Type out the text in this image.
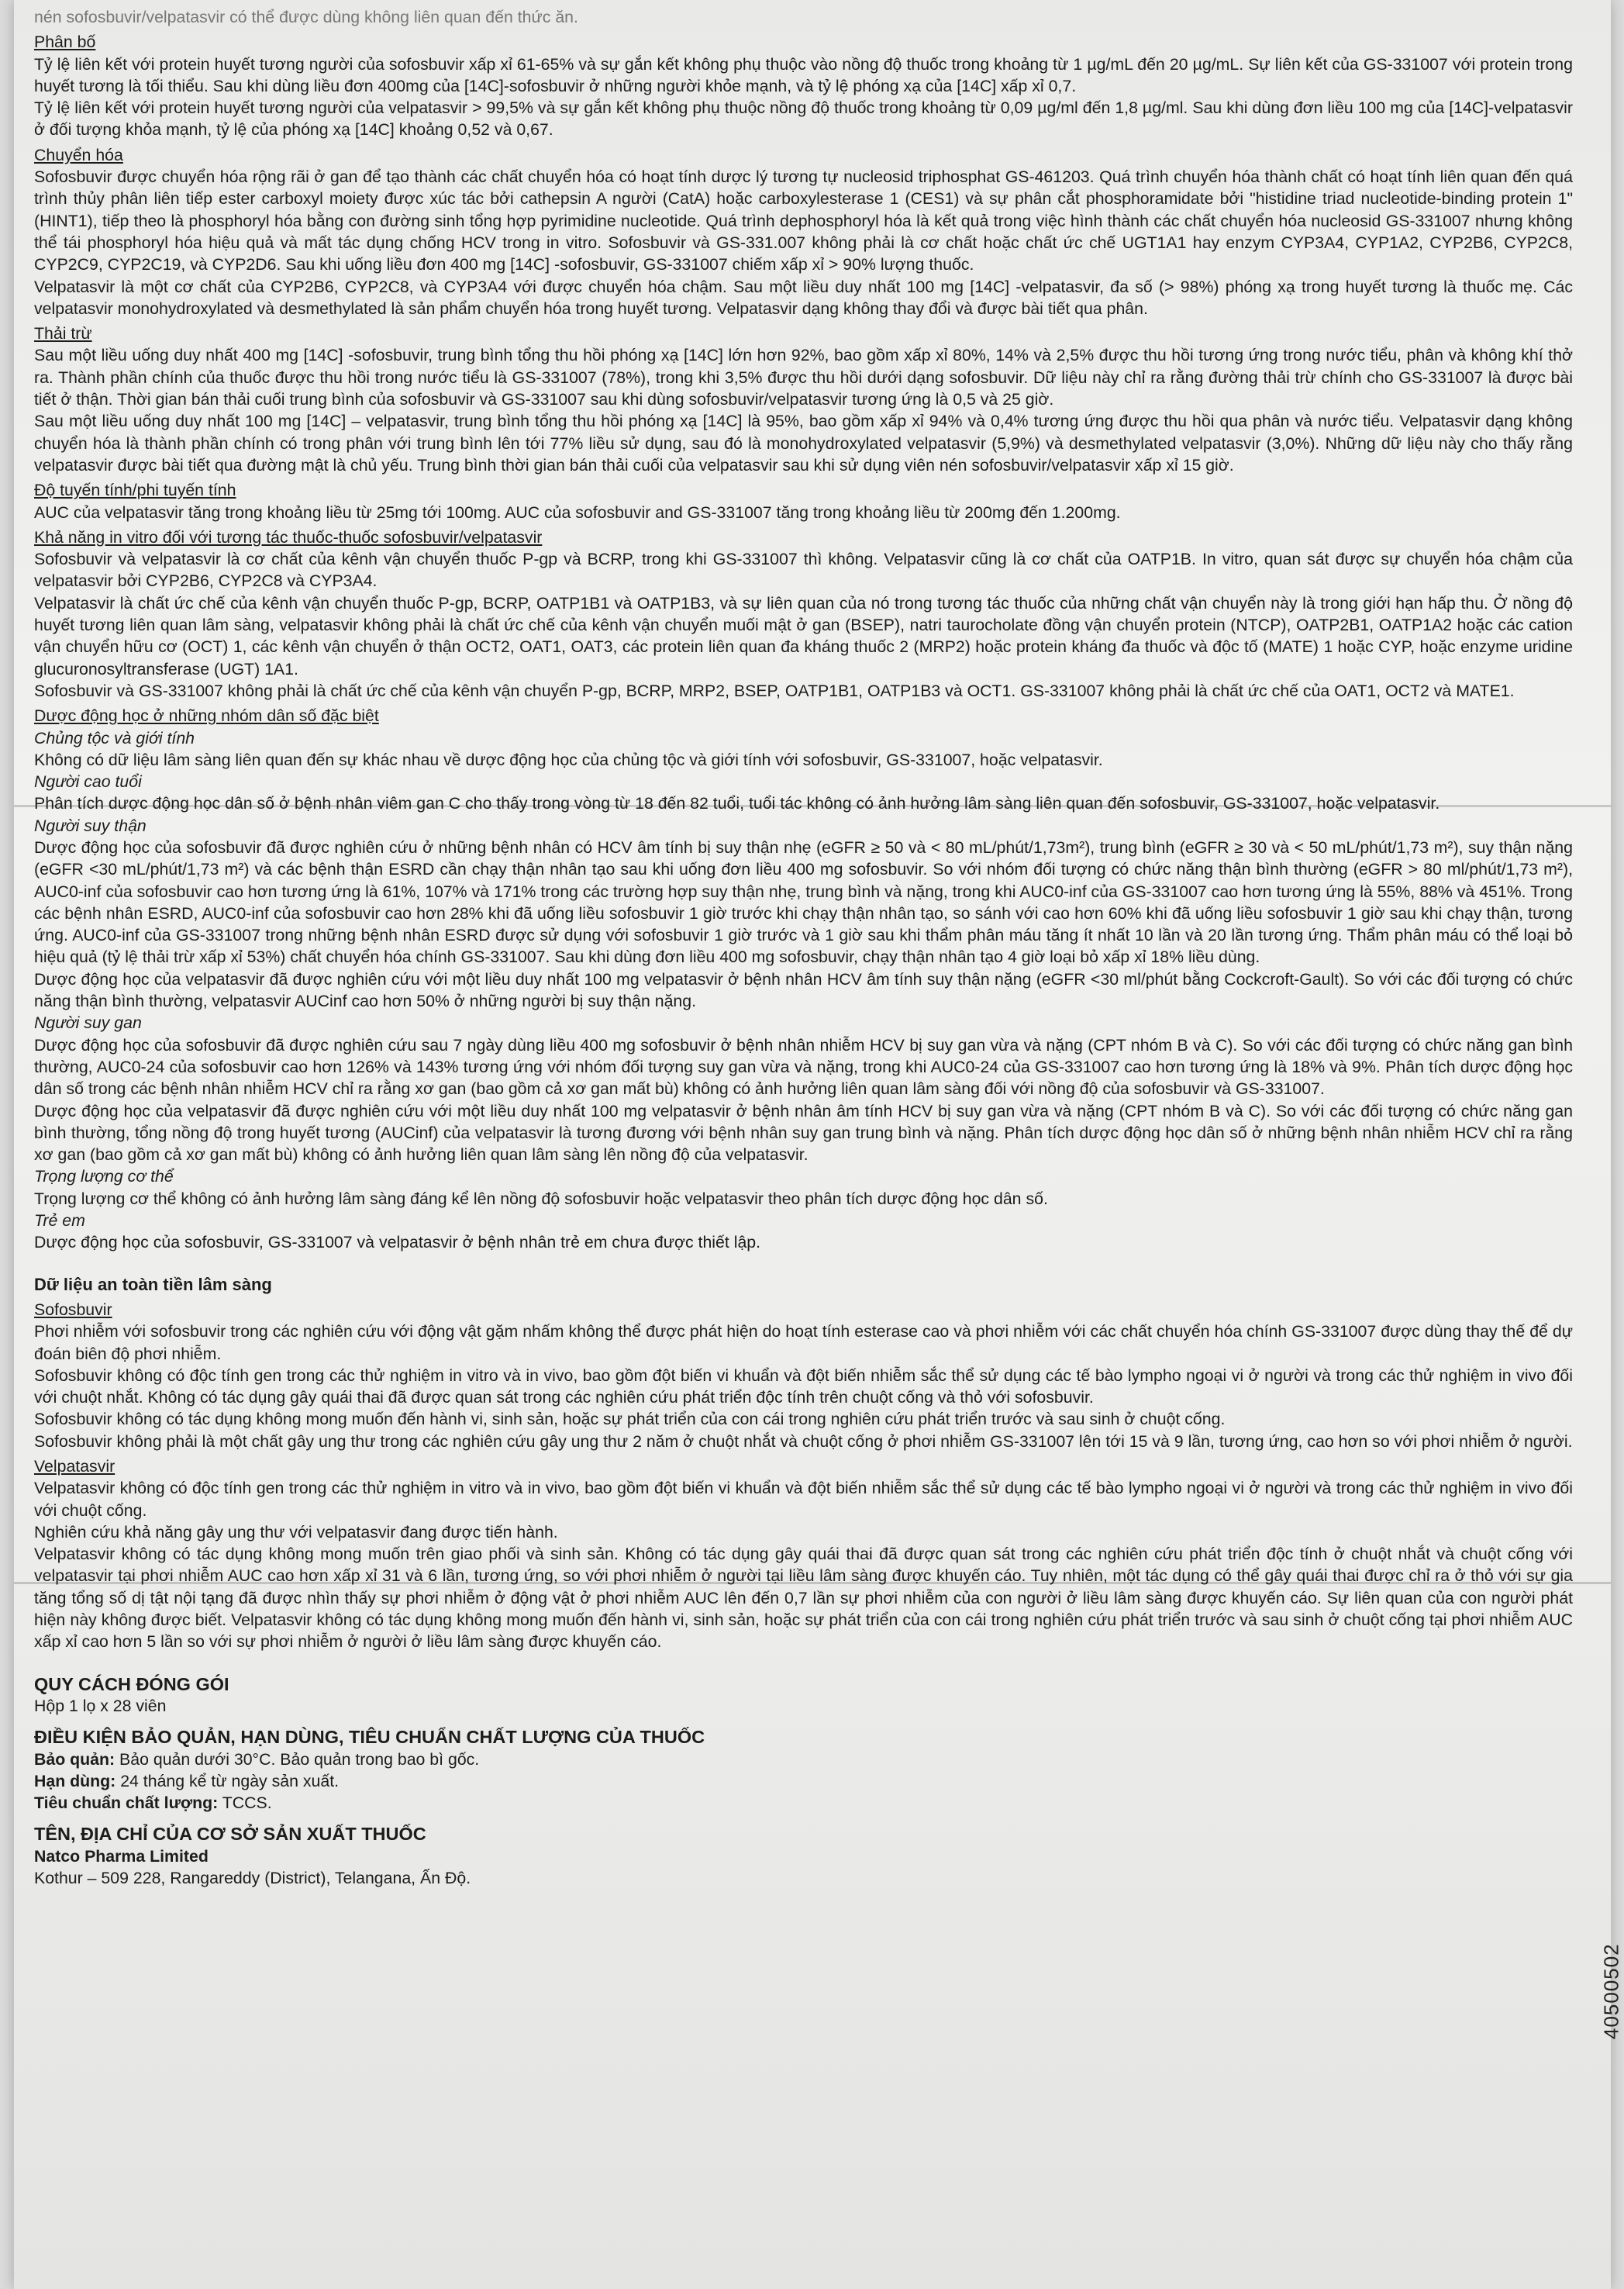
nén sofosbuvir/velpatasvir có thể được dùng không liên quan đến thức ăn.

Phân bố

Tỷ lệ liên kết với protein huyết tương người của sofosbuvir xấp xỉ 61-65% và sự gắn kết không phụ thuộc vào nồng độ thuốc trong khoảng từ 1 µg/mL đến 20 µg/mL. Sự liên kết của GS-331007 với protein trong huyết tương là tối thiểu. Sau khi dùng liều đơn 400mg của [14C]-sofosbuvir ở những người khỏe mạnh, và tỷ lệ phóng xạ của [14C] xấp xỉ 0,7.

Tỷ lệ liên kết với protein huyết tương người của velpatasvir > 99,5% và sự gắn kết không phụ thuộc nồng độ thuốc trong khoảng từ 0,09 µg/ml đến 1,8 µg/ml. Sau khi dùng đơn liều 100 mg của [14C]-velpatasvir ở đối tượng khỏa mạnh, tỷ lệ của phóng xạ [14C] khoảng 0,52 và 0,67.

Chuyển hóa

Sofosbuvir được chuyển hóa rộng rãi ở gan để tạo thành các chất chuyển hóa có hoạt tính dược lý tương tự nucleosid triphosphat GS-461203. Quá trình chuyển hóa thành chất có hoạt tính liên quan đến quá trình thủy phân liên tiếp ester carboxyl moiety được xúc tác bởi cathepsin A người (CatA) hoặc carboxylesterase 1 (CES1) và sự phân cắt phosphoramidate bởi "histidine triad nucleotide-binding protein 1" (HINT1), tiếp theo là phosphoryl hóa bằng con đường sinh tổng hợp pyrimidine nucleotide. Quá trình dephosphoryl hóa là kết quả trong việc hình thành các chất chuyển hóa nucleosid GS-331007 nhưng không thể tái phosphoryl hóa hiệu quả và mất tác dụng chống HCV trong in vitro. Sofosbuvir và GS-331.007 không phải là cơ chất hoặc chất ức chế UGT1A1 hay enzym CYP3A4, CYP1A2, CYP2B6, CYP2C8, CYP2C9, CYP2C19, và CYP2D6. Sau khi uống liều đơn 400 mg [14C] -sofosbuvir, GS-331007 chiếm xấp xỉ > 90% lượng thuốc.

Velpatasvir là một cơ chất của CYP2B6, CYP2C8, và CYP3A4 với được chuyển hóa chậm. Sau một liều duy nhất 100 mg [14C] -velpatasvir, đa số (> 98%) phóng xạ trong huyết tương là thuốc mẹ. Các velpatasvir monohydroxylated và desmethylated là sản phẩm chuyển hóa trong huyết tương. Velpatasvir dạng không thay đổi và được bài tiết qua phân.

Thải trừ

Sau một liều uống duy nhất 400 mg [14C] -sofosbuvir, trung bình tổng thu hồi phóng xạ [14C] lớn hơn 92%, bao gồm xấp xỉ 80%, 14% và 2,5% được thu hồi tương ứng trong nước tiểu, phân và không khí thở ra. Thành phần chính của thuốc được thu hồi trong nước tiểu là GS-331007 (78%), trong khi 3,5% được thu hồi dưới dạng sofosbuvir. Dữ liệu này chỉ ra rằng đường thải trừ chính cho GS-331007 là được bài tiết ở thận. Thời gian bán thải cuối trung bình của sofosbuvir và GS-331007 sau khi dùng sofosbuvir/velpatasvir tương ứng là 0,5 và 25 giờ.

Sau một liều uống duy nhất 100 mg [14C] – velpatasvir, trung bình tổng thu hồi phóng xạ [14C] là 95%, bao gồm xấp xỉ 94% và 0,4% tương ứng được thu hồi qua phân và nước tiểu. Velpatasvir dạng không chuyển hóa là thành phần chính có trong phân với trung bình lên tới 77% liều sử dụng, sau đó là monohydroxylated velpatasvir (5,9%) và desmethylated velpatasvir (3,0%). Những dữ liệu này cho thấy rằng velpatasvir được bài tiết qua đường mật là chủ yếu. Trung bình thời gian bán thải cuối của velpatasvir sau khi sử dụng viên nén sofosbuvir/velpatasvir xấp xỉ 15 giờ.

Độ tuyến tính/phi tuyến tính

AUC của velpatasvir tăng trong khoảng liều từ 25mg tới 100mg. AUC của sofosbuvir and GS-331007 tăng trong khoảng liều từ 200mg đến 1.200mg.

Khả năng in vitro đối với tương tác thuốc-thuốc sofosbuvir/velpatasvir

Sofosbuvir và velpatasvir là cơ chất của kênh vận chuyển thuốc P-gp và BCRP, trong khi GS-331007 thì không. Velpatasvir cũng là cơ chất của OATP1B. In vitro, quan sát được sự chuyển hóa chậm của velpatasvir bởi CYP2B6, CYP2C8 và CYP3A4.

Velpatasvir là chất ức chế của kênh vận chuyển thuốc P-gp, BCRP, OATP1B1 và OATP1B3, và sự liên quan của nó trong tương tác thuốc của những chất vận chuyển này là trong giới hạn hấp thu. Ở nồng độ huyết tương liên quan lâm sàng, velpatasvir không phải là chất ức chế của kênh vận chuyển muối mật ở gan (BSEP), natri taurocholate đồng vận chuyển protein (NTCP), OATP2B1, OATP1A2 hoặc các cation vận chuyển hữu cơ (OCT) 1, các kênh vận chuyển ở thận OCT2, OAT1, OAT3, các protein liên quan đa kháng thuốc 2 (MRP2) hoặc protein kháng đa thuốc và độc tố (MATE) 1 hoặc CYP, hoặc enzyme uridine glucuronosyltransferase (UGT) 1A1.

Sofosbuvir và GS-331007 không phải là chất ức chế của kênh vận chuyển P-gp, BCRP, MRP2, BSEP, OATP1B1, OATP1B3 và OCT1. GS-331007 không phải là chất ức chế của OAT1, OCT2 và MATE1.

Dược động học ở những nhóm dân số đặc biệt
Chủng tộc và giới tính

Không có dữ liệu lâm sàng liên quan đến sự khác nhau về dược động học của chủng tộc và giới tính với sofosbuvir, GS-331007, hoặc velpatasvir.

Người cao tuổi

Phân tích dược động học dân số ở bệnh nhân viêm gan C cho thấy trong vòng từ 18 đến 82 tuổi, tuổi tác không có ảnh hưởng lâm sàng liên quan đến sofosbuvir, GS-331007, hoặc velpatasvir.

Người suy thận

Dược động học của sofosbuvir đã được nghiên cứu ở những bệnh nhân có HCV âm tính bị suy thận nhẹ (eGFR ≥ 50 và < 80 mL/phút/1,73m²), trung bình (eGFR ≥ 30 và < 50 mL/phút/1,73 m²), suy thận nặng (eGFR <30 mL/phút/1,73 m²) và các bệnh thận ESRD cần chạy thận nhân tạo sau khi uống đơn liều 400 mg sofosbuvir. So với nhóm đối tượng có chức năng thận bình thường (eGFR > 80 ml/phút/1,73 m²), AUC0-inf của sofosbuvir cao hơn tương ứng là 61%, 107% và 171% trong các trường hợp suy thận nhẹ, trung bình và nặng, trong khi AUC0-inf của GS-331007 cao hơn tương ứng là 55%, 88% và 451%. Trong các bệnh nhân ESRD, AUC0-inf của sofosbuvir cao hơn 28% khi đã uống liều sofosbuvir 1 giờ trước khi chạy thận nhân tạo, so sánh với cao hơn 60% khi đã uống liều sofosbuvir 1 giờ sau khi chạy thận, tương ứng. AUC0-inf của GS-331007 trong những bệnh nhân ESRD được sử dụng với sofosbuvir 1 giờ trước và 1 giờ sau khi thẩm phân máu tăng ít nhất 10 lần và 20 lần tương ứng. Thẩm phân máu có thể loại bỏ hiệu quả (tỷ lệ thải trừ xấp xỉ 53%) chất chuyển hóa chính GS-331007. Sau khi dùng đơn liều 400 mg sofosbuvir, chạy thận nhân tạo 4 giờ loại bỏ xấp xỉ 18% liều dùng.

Dược động học của velpatasvir đã được nghiên cứu với một liều duy nhất 100 mg velpatasvir ở bệnh nhân HCV âm tính suy thận nặng (eGFR <30 ml/phút bằng Cockcroft-Gault). So với các đối tượng có chức năng thận bình thường, velpatasvir AUCinf cao hơn 50% ở những người bị suy thận nặng.

Người suy gan

Dược động học của sofosbuvir đã được nghiên cứu sau 7 ngày dùng liều 400 mg sofosbuvir ở bệnh nhân nhiễm HCV bị suy gan vừa và nặng (CPT nhóm B và C). So với các đối tượng có chức năng gan bình thường, AUC0-24 của sofosbuvir cao hơn 126% và 143% tương ứng với nhóm đối tượng suy gan vừa và nặng, trong khi AUC0-24 của GS-331007 cao hơn tương ứng là 18% và 9%. Phân tích dược động học dân số trong các bệnh nhân nhiễm HCV chỉ ra rằng xơ gan (bao gồm cả xơ gan mất bù) không có ảnh hưởng liên quan lâm sàng đối với nồng độ của sofosbuvir và GS-331007.

Dược động học của velpatasvir đã được nghiên cứu với một liều duy nhất 100 mg velpatasvir ở bệnh nhân âm tính HCV bị suy gan vừa và nặng (CPT nhóm B và C). So với các đối tượng có chức năng gan bình thường, tổng nồng độ trong huyết tương (AUCinf) của velpatasvir là tương đương với bệnh nhân suy gan trung bình và nặng. Phân tích dược động học dân số ở những bệnh nhân nhiễm HCV chỉ ra rằng xơ gan (bao gồm cả xơ gan mất bù) không có ảnh hưởng liên quan lâm sàng lên nồng độ của velpatasvir.

Trọng lượng cơ thể

Trọng lượng cơ thể không có ảnh hưởng lâm sàng đáng kể lên nồng độ sofosbuvir hoặc velpatasvir theo phân tích dược động học dân số.

Trẻ em

Dược động học của sofosbuvir, GS-331007 và velpatasvir ở bệnh nhân trẻ em chưa được thiết lập.

Dữ liệu an toàn tiền lâm sàng
Sofosbuvir

Phơi nhiễm với sofosbuvir trong các nghiên cứu với động vật gặm nhấm không thể được phát hiện do hoạt tính esterase cao và phơi nhiễm với các chất chuyển hóa chính GS-331007 được dùng thay thế để dự đoán biên độ phơi nhiễm.

Sofosbuvir không có độc tính gen trong các thử nghiệm in vitro và in vivo, bao gồm đột biến vi khuẩn và đột biến nhiễm sắc thể sử dụng các tế bào lympho ngoại vi ở người và trong các thử nghiệm in vivo đối với chuột nhắt. Không có tác dụng gây quái thai đã được quan sát trong các nghiên cứu phát triển độc tính trên chuột cống và thỏ với sofosbuvir.

Sofosbuvir không có tác dụng không mong muốn đến hành vi, sinh sản, hoặc sự phát triển của con cái trong nghiên cứu phát triển trước và sau sinh ở chuột cống.

Sofosbuvir không phải là một chất gây ung thư trong các nghiên cứu gây ung thư 2 năm ở chuột nhắt và chuột cống ở phơi nhiễm GS-331007 lên tới 15 và 9 lần, tương ứng, cao hơn so với phơi nhiễm ở người.

Velpatasvir

Velpatasvir không có độc tính gen trong các thử nghiệm in vitro và in vivo, bao gồm đột biến vi khuẩn và đột biến nhiễm sắc thể sử dụng các tế bào lympho ngoại vi ở người và trong các thử nghiệm in vivo đối với chuột cống.

Nghiên cứu khả năng gây ung thư với velpatasvir đang được tiến hành.

Velpatasvir không có tác dụng không mong muốn trên giao phối và sinh sản. Không có tác dụng gây quái thai đã được quan sát trong các nghiên cứu phát triển độc tính ở chuột nhắt và chuột cống với velpatasvir tại phơi nhiễm AUC cao hơn xấp xỉ 31 và 6 lần, tương ứng, so với phơi nhiễm ở người tại liều lâm sàng được khuyến cáo. Tuy nhiên, một tác dụng có thể gây quái thai được chỉ ra ở thỏ với sự gia tăng tổng số dị tật nội tạng đã được nhìn thấy sự phơi nhiễm ở động vật ở phơi nhiễm AUC lên đến 0,7 lần sự phơi nhiễm của con người ở liều lâm sàng được khuyến cáo. Sự liên quan của con người phát hiện này không được biết. Velpatasvir không có tác dụng không mong muốn đến hành vi, sinh sản, hoặc sự phát triển của con cái trong nghiên cứu phát triển trước và sau sinh ở chuột cống tại phơi nhiễm AUC xấp xỉ cao hơn 5 lần so với sự phơi nhiễm ở người ở liều lâm sàng được khuyến cáo.

QUY CÁCH ĐÓNG GÓI
Hộp 1 lọ x 28 viên
ĐIỀU KIỆN BẢO QUẢN, HẠN DÙNG, TIÊU CHUẨN CHẤT LƯỢNG CỦA THUỐC
Bảo quản: Bảo quản dưới 30°C. Bảo quản trong bao bì gốc.
Hạn dùng: 24 tháng kể từ ngày sản xuất.
Tiêu chuẩn chất lượng: TCCS.
TÊN, ĐỊA CHỈ CỦA CƠ SỞ SẢN XUẤT THUỐC
Natco Pharma Limited
Kothur – 509 228, Rangareddy (District), Telangana, Ấn Độ.
40500502
